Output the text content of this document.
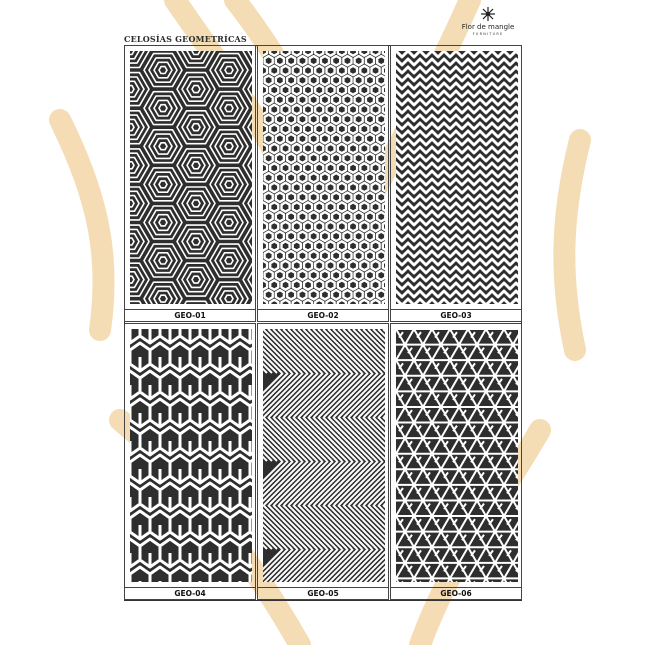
CELOSÍAS GEOMETRÍCAS
Flor de mangle
FURNITURE
GEO-01	GEO-02	GEO-03
GEO-04	GEO-05	GEO-06
